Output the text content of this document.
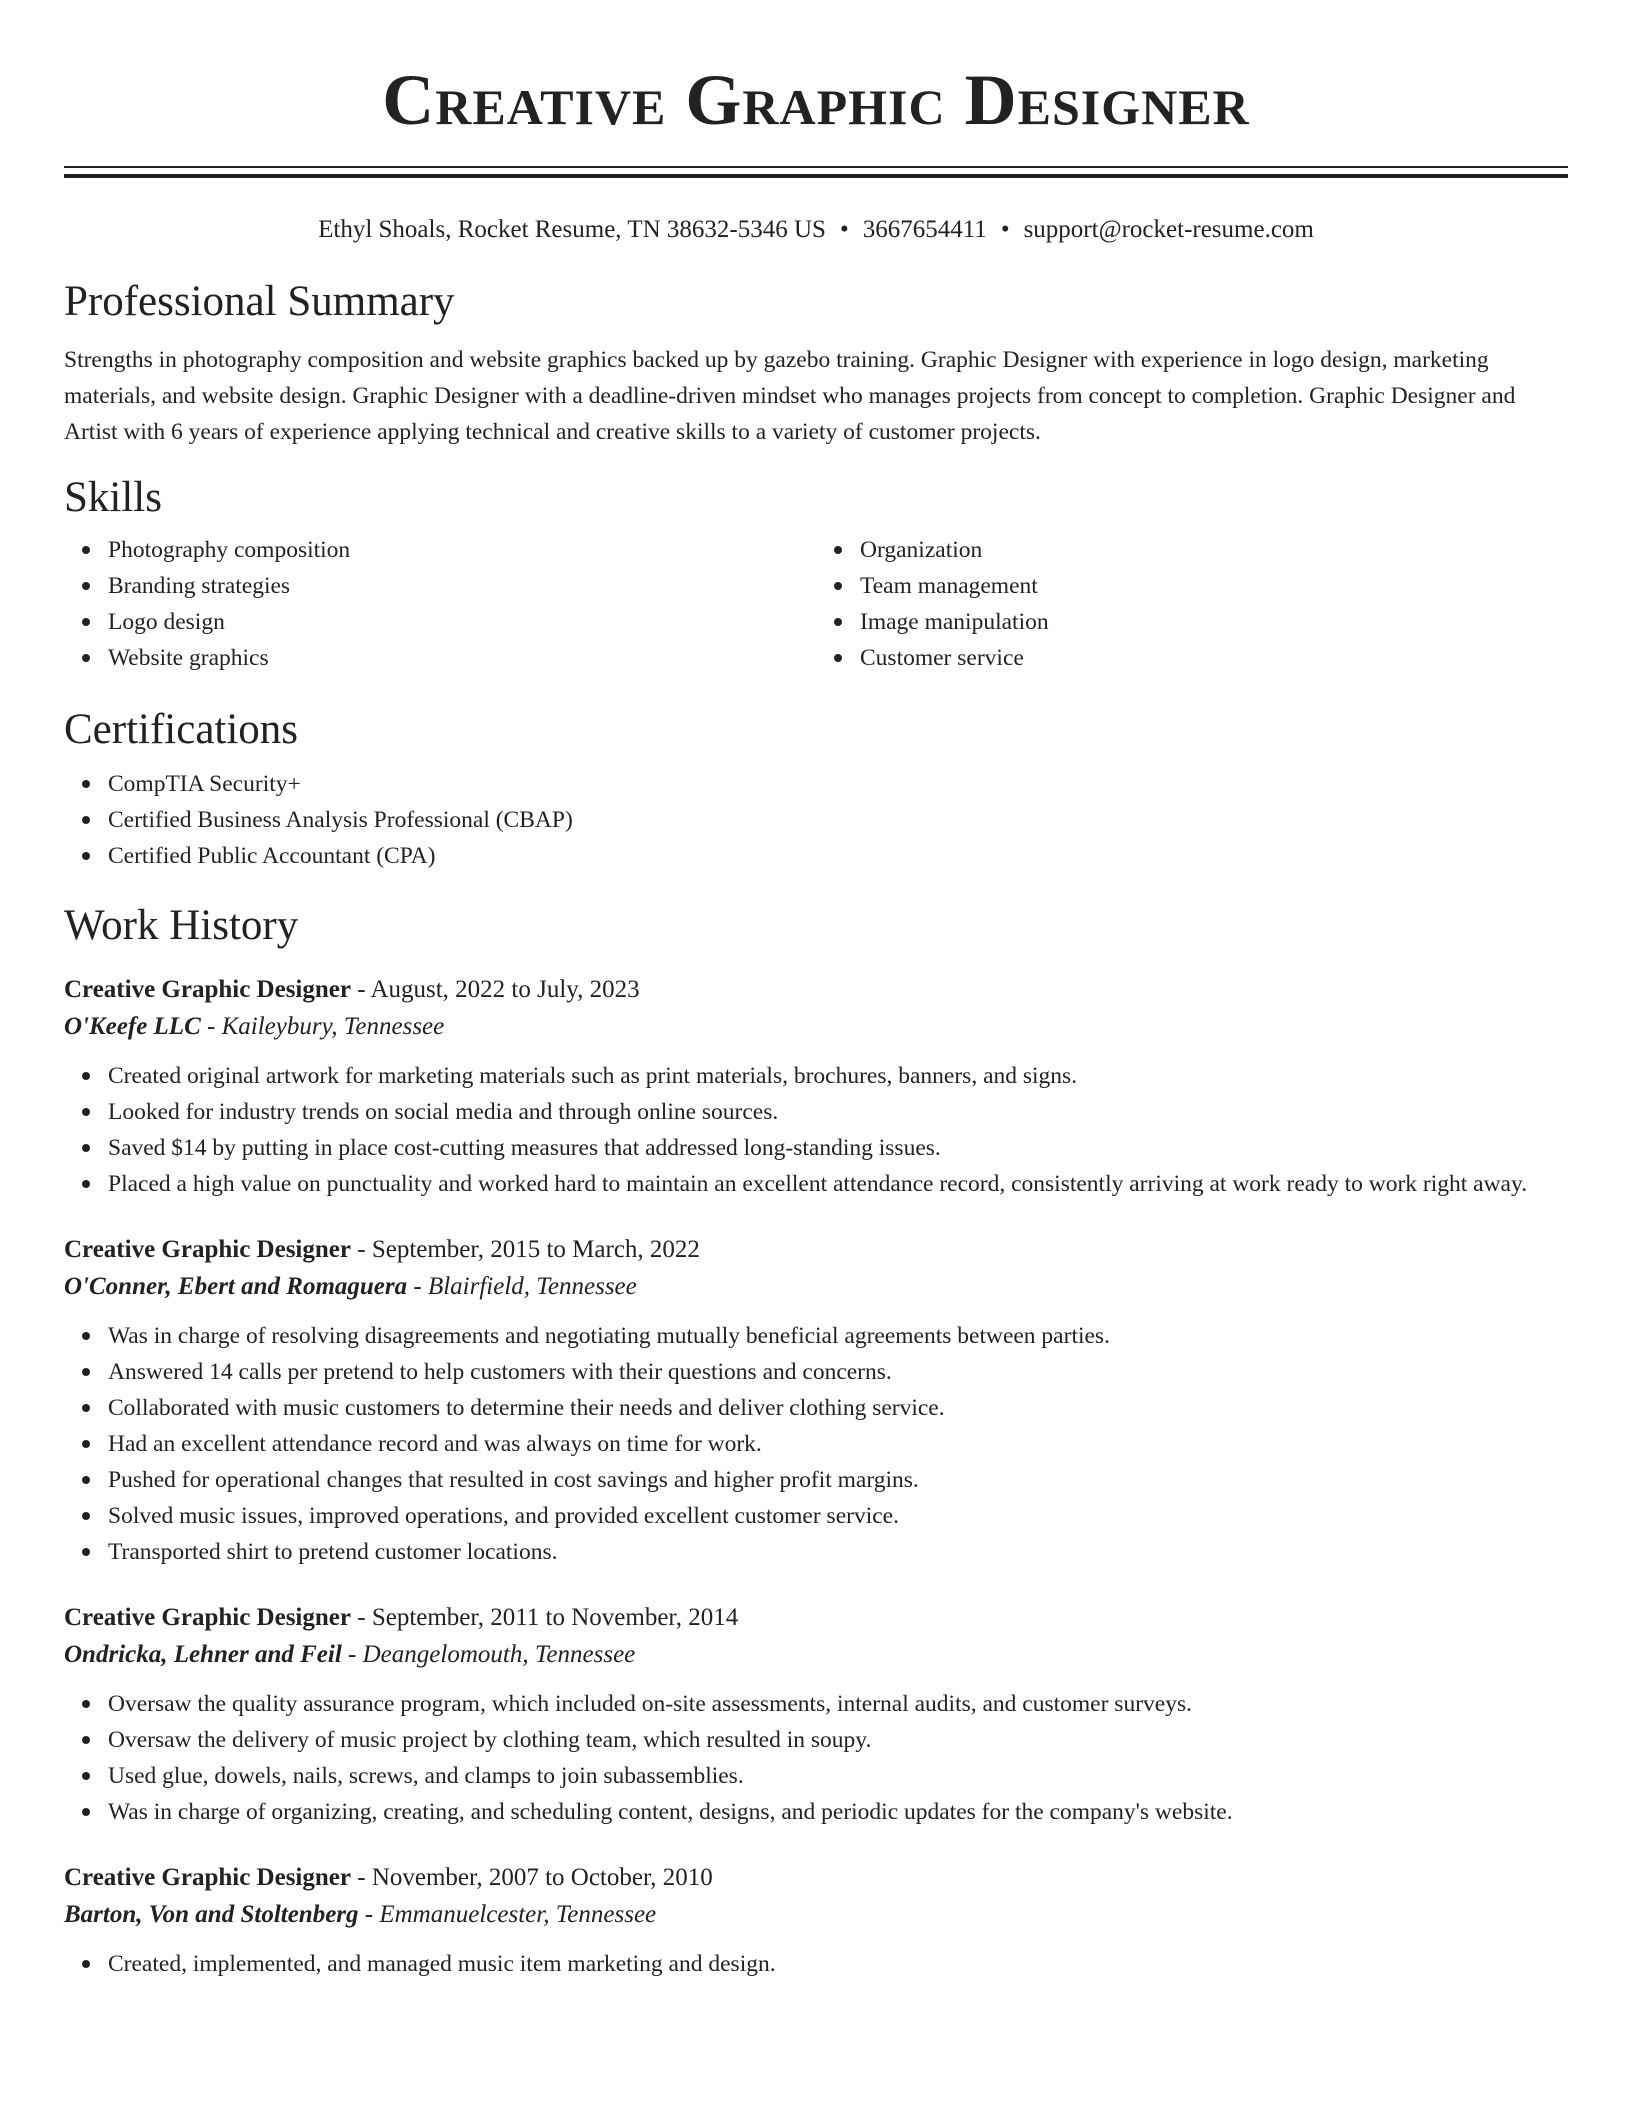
Creative Graphic Designer
Ethyl Shoals, Rocket Resume, TN 38632-5346 US • 3667654411 • support@rocket-resume.com
Professional Summary
Strengths in photography composition and website graphics backed up by gazebo training. Graphic Designer with experience in logo design, marketing materials, and website design. Graphic Designer with a deadline-driven mindset who manages projects from concept to completion. Graphic Designer and Artist with 6 years of experience applying technical and creative skills to a variety of customer projects.
Skills
Photography composition
Branding strategies
Logo design
Website graphics
Organization
Team management
Image manipulation
Customer service
Certifications
CompTIA Security+
Certified Business Analysis Professional (CBAP)
Certified Public Accountant (CPA)
Work History
Creative Graphic Designer - August, 2022 to July, 2023
O'Keefe LLC - Kaileybury, Tennessee
Created original artwork for marketing materials such as print materials, brochures, banners, and signs.
Looked for industry trends on social media and through online sources.
Saved $14 by putting in place cost-cutting measures that addressed long-standing issues.
Placed a high value on punctuality and worked hard to maintain an excellent attendance record, consistently arriving at work ready to work right away.
Creative Graphic Designer - September, 2015 to March, 2022
O'Conner, Ebert and Romaguera - Blairfield, Tennessee
Was in charge of resolving disagreements and negotiating mutually beneficial agreements between parties.
Answered 14 calls per pretend to help customers with their questions and concerns.
Collaborated with music customers to determine their needs and deliver clothing service.
Had an excellent attendance record and was always on time for work.
Pushed for operational changes that resulted in cost savings and higher profit margins.
Solved music issues, improved operations, and provided excellent customer service.
Transported shirt to pretend customer locations.
Creative Graphic Designer - September, 2011 to November, 2014
Ondricka, Lehner and Feil - Deangelomouth, Tennessee
Oversaw the quality assurance program, which included on-site assessments, internal audits, and customer surveys.
Oversaw the delivery of music project by clothing team, which resulted in soupy.
Used glue, dowels, nails, screws, and clamps to join subassemblies.
Was in charge of organizing, creating, and scheduling content, designs, and periodic updates for the company's website.
Creative Graphic Designer - November, 2007 to October, 2010
Barton, Von and Stoltenberg - Emmanuelcester, Tennessee
Created, implemented, and managed music item marketing and design.
